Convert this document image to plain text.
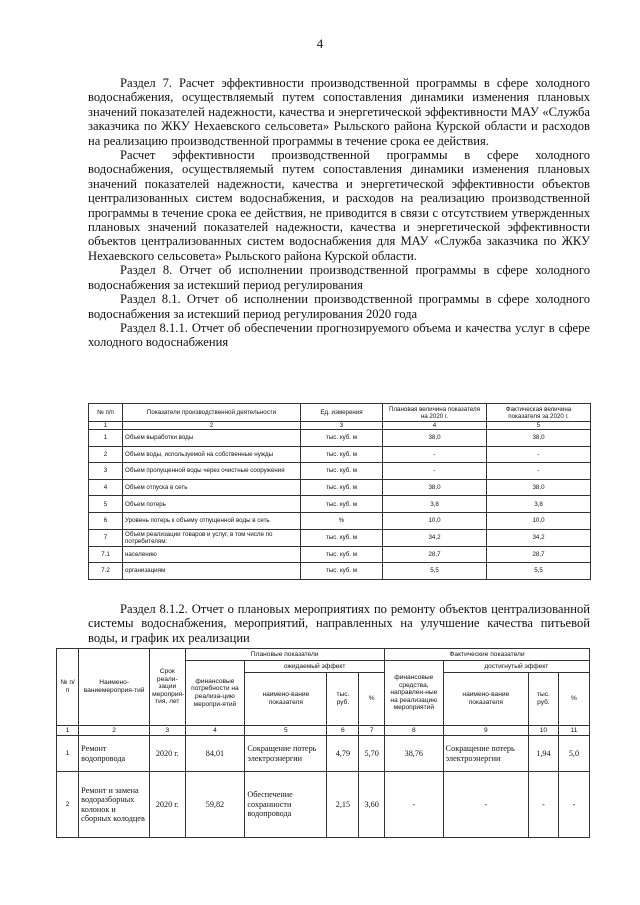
4

Раздел 7. Расчет эффективности производственной программы в сфере холодного водоснабжения, осуществляемый путем сопоставления динамики изменения плановых значений показателей надежности, качества и энергетической эффективности МАУ «Служба заказчика по ЖКУ Нехаевского сельсовета» Рыльского района Курской области и расходов на реализацию производственной программы в течение срока ее действия.

Расчет эффективности производственной программы в сфере холодного водоснабжения, осуществляемый путем сопоставления динамики изменения плановых значений показателей надежности, качества и энергетической эффективности объектов централизованных систем водоснабжения, и расходов на реализацию производственной программы в течение срока ее действия, не приводится в связи с отсутствием утвержденных плановых значений показателей надежности, качества и энергетической эффективности объектов централизованных систем водоснабжения для МАУ «Служба заказчика по ЖКУ Нехаевского сельсовета» Рыльского района Курской области.

Раздел 8. Отчет об исполнении производственной программы в сфере холодного водоснабжения за истекший период регулирования

Раздел 8.1. Отчет об исполнении производственной программы в сфере холодного водоснабжения за истекший период регулирования 2020 года

Раздел 8.1.1. Отчет об обеспечении прогнозируемого объема и качества услуг в сфере холодного водоснабжения

№ п/п	Показатели производственной деятельности	Ед. измерения	Плановая величина показателя на 2020 г.	Фактическая величина показателя за 2020 г.
1	2	3	4	5
1	Объем выработки воды	тыс. куб. м	38,0	38,0
2	Объем воды, используемой на собственные нужды	тыс. куб. м	-	-
3	Объем пропущенной воды через очистные сооружения	тыс. куб. м	-	-
4	Объем отпуска в сеть	тыс. куб. м	38,0	38,0
5	Объем потерь	тыс. куб. м	3,8	3,8
6	Уровень потерь к объему отпущенной воды в сеть	%	10,0	10,0
7	Объем реализации товаров и услуг, в том числе по потребителям:	тыс. куб. м	34,2	34,2
7.1	населению	тыс. куб. м	28,7	28,7
7.2	организациям	тыс. куб. м	5,5	5,5

Раздел 8.1.2. Отчет о плановых мероприятиях по ремонту объектов централизованной системы водоснабжения, мероприятий, направленных на улучшение качества питьевой воды, и график их реализации

№ п/п	Наимено-ваниемероприя-тий	Срок реали-зации мероприя-тия, лет	Плановые показатели				Фактические показатели			
			финансовые потребности на реализа-цию меропри-ятий	ожидаемый эффект			финансовые средства, направлен-ные на реализацию мероприятий	достигнутый эффект		
				наимено-вание показателя	тыс. руб.	%		наимено-вание показателя	тыс. руб.	%
1	2	3	4	5	6	7	8	9	10	11
1	Ремонт водопровода	2020 г.	84,01	Сокращение потерь электроэнергии	4,79	5,70	38,76	Сокращение потерь электроэнергии	1,94	5,0
2	Ремонт и замена водоразборных колонок и сборных колодцев	2020 г.	59,82	Обеспечение сохранности водопровода	2,15	3,60	-	-	-	-
